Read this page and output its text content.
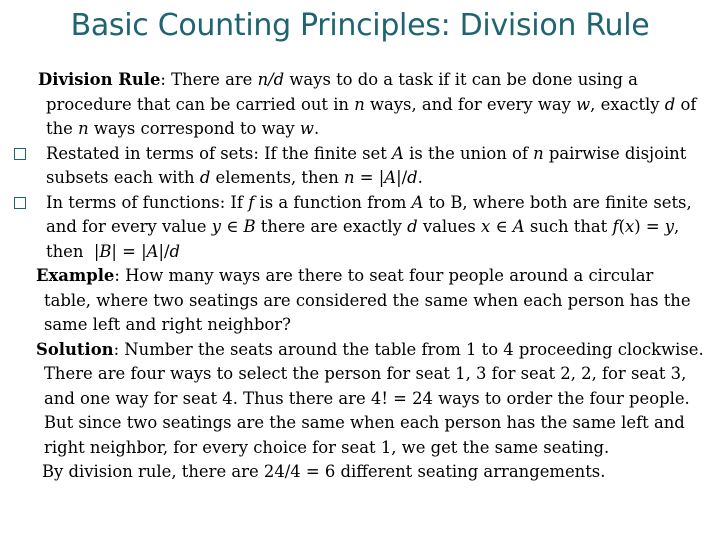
Basic Counting Principles: Division Rule

Division Rule: There are n/d ways to do a task if it can be done using a procedure that can be carried out in n ways, and for every way w, exactly d of the n ways correspond to way w.

Restated in terms of sets: If the finite set A is the union of n pairwise disjoint subsets each with d elements, then n = |A|/d.

In terms of functions: If f is a function from A to B, where both are finite sets, and for every value y ∈ B there are exactly d values x ∈ A such that f(x) = y, then  |B| = |A|/d

Example: How many ways are there to seat four people around a circular table, where two seatings are considered the same when each person has the same left and right neighbor?

Solution: Number the seats around the table from 1 to 4 proceeding clockwise. There are four ways to select the person for seat 1, 3 for seat 2, 2, for seat 3, and one way for seat 4. Thus there are 4! = 24 ways to order the four people. But since two seatings are the same when each person has the same left and right neighbor, for every choice for seat 1, we get the same seating.

By division rule, there are 24/4 = 6 different seating arrangements.
